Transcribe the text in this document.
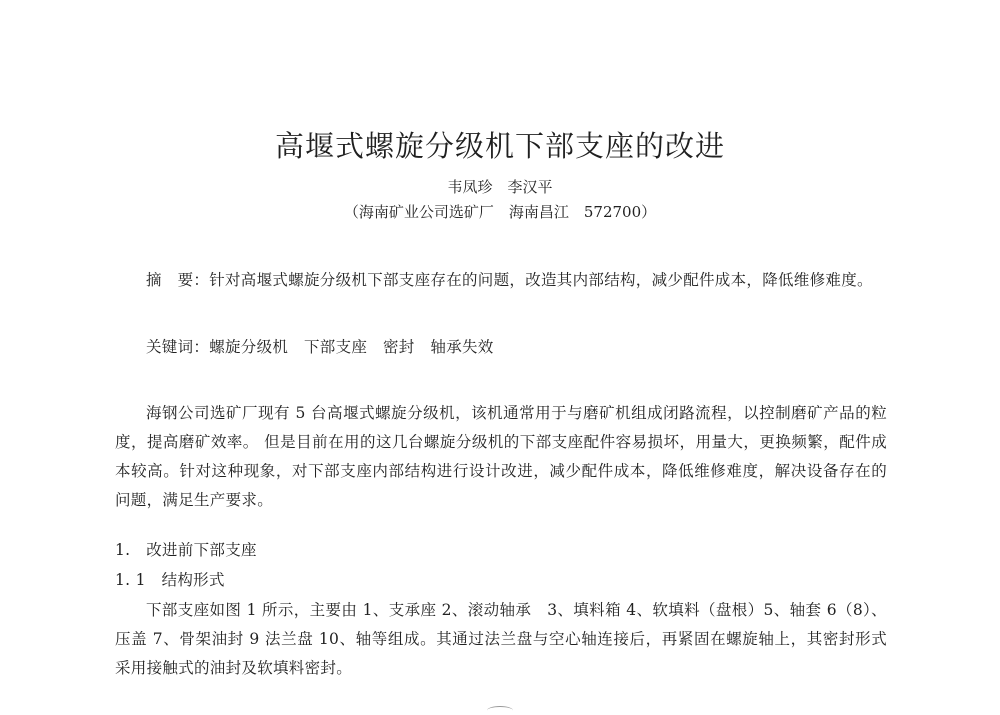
高堰式螺旋分级机下部支座的改进
韦凤珍　李汉平
（海南矿业公司选矿厂　海南昌江　572700）
摘　要：针对高堰式螺旋分级机下部支座存在的问题，改造其内部结构，减少配件成本，降低维修难度。
关键词：螺旋分级机　下部支座　密封　轴承失效
海钢公司选矿厂现有 5 台高堰式螺旋分级机，该机通常用于与磨矿机组成闭路流程，以控制磨矿产品的粒度，提高磨矿效率。 但是目前在用的这几台螺旋分级机的下部支座配件容易损坏，用量大，更换频繁，配件成本较高。针对这种现象，对下部支座内部结构进行设计改进，减少配件成本，降低维修难度，解决设备存在的问题，满足生产要求。
1.　改进前下部支座
1. 1　结构形式
下部支座如图 1 所示，主要由 1、支承座 2、滚动轴承　3、填料箱 4、软填料（盘根）5、轴套 6（8）、压盖 7、骨架油封 9 法兰盘 10、轴等组成。其通过法兰盘与空心轴连接后，再紧固在螺旋轴上，其密封形式采用接触式的油封及软填料密封。
